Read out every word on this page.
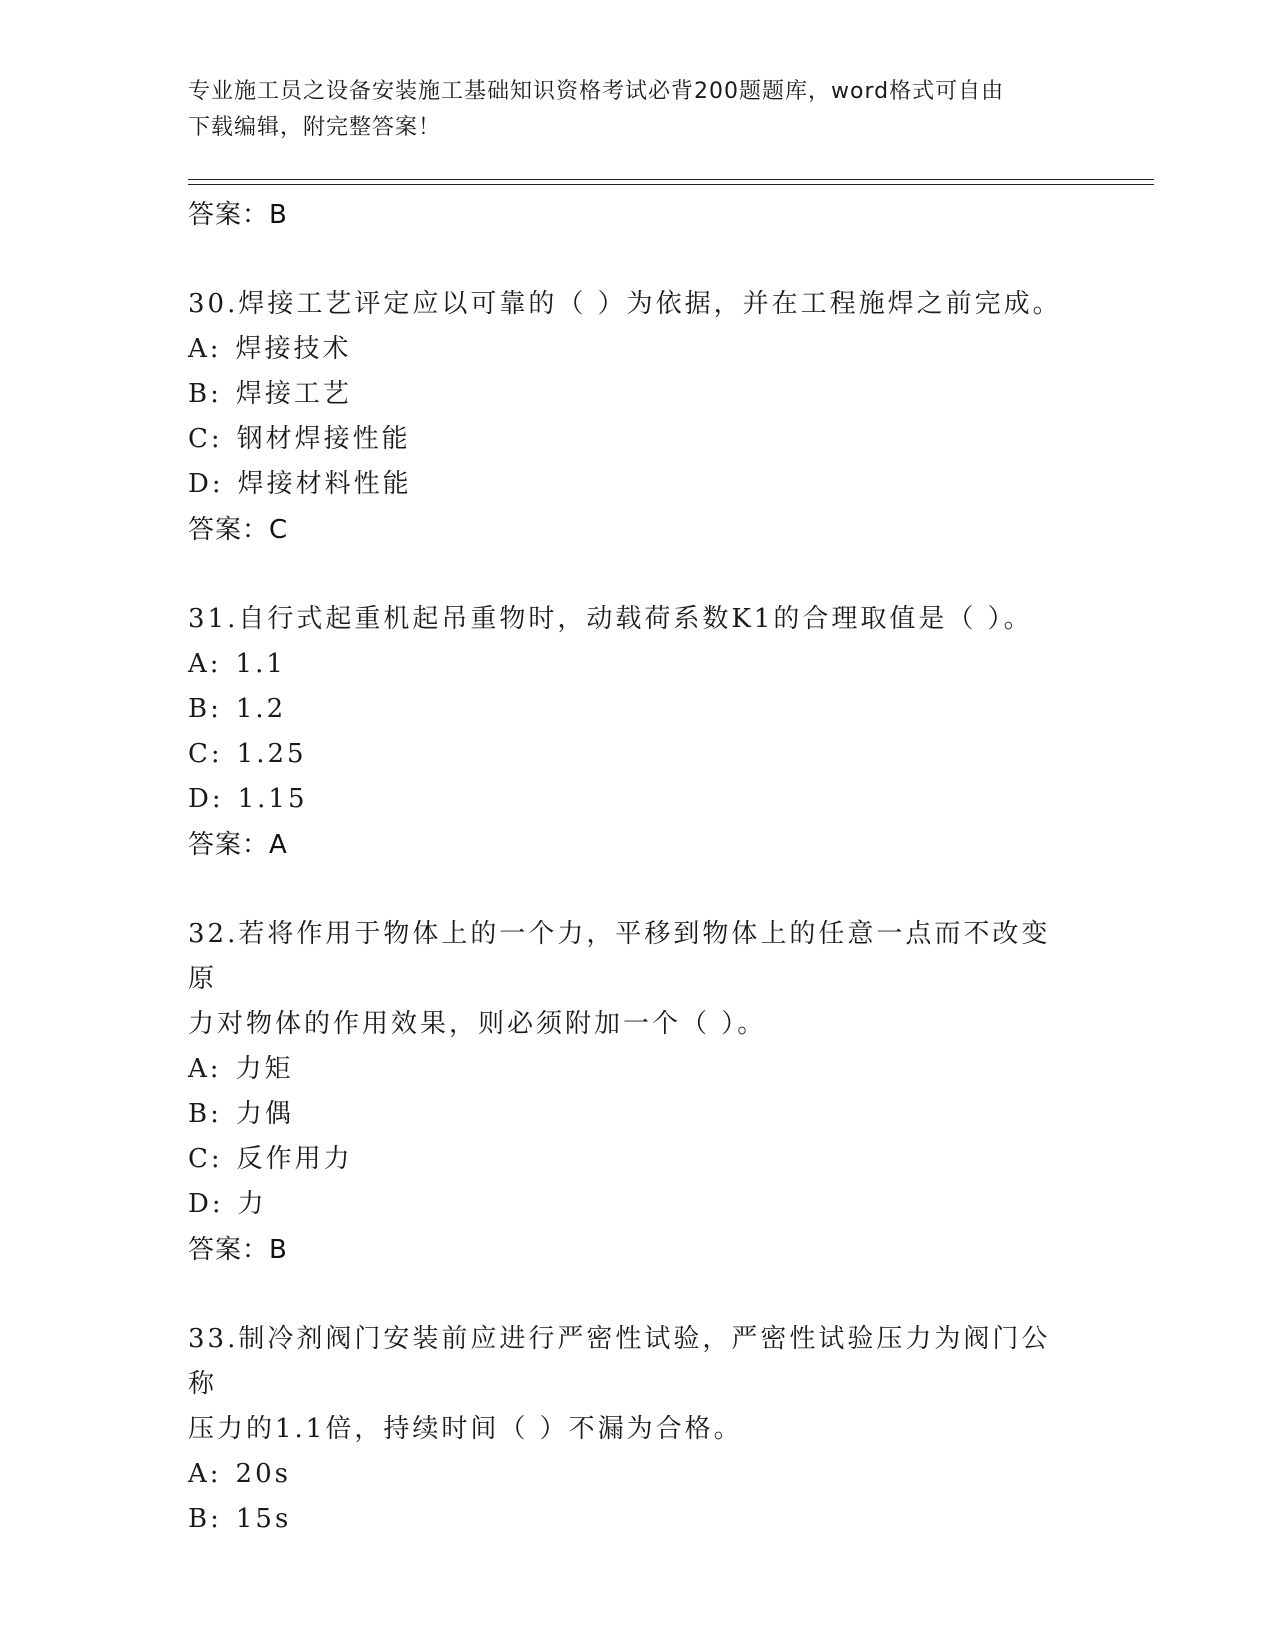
专业施工员之设备安装施工基础知识资格考试必背200题题库，word格式可自由
下载编辑，附完整答案！
答案：B
30.焊接工艺评定应以可靠的（ ）为依据，并在工程施焊之前完成。
A: 焊接技术
B: 焊接工艺
C: 钢材焊接性能
D: 焊接材料性能
答案：C
31.自行式起重机起吊重物时，动载荷系数K1的合理取值是（ ）。
A: 1.1
B: 1.2
C: 1.25
D: 1.15
答案：A
32.若将作用于物体上的一个力，平移到物体上的任意一点而不改变原
力对物体的作用效果，则必须附加一个（ ）。
A: 力矩
B: 力偶
C: 反作用力
D: 力
答案：B
33.制冷剂阀门安装前应进行严密性试验，严密性试验压力为阀门公称
压力的1.1倍，持续时间（ ）不漏为合格。
A: 20s
B: 15s
